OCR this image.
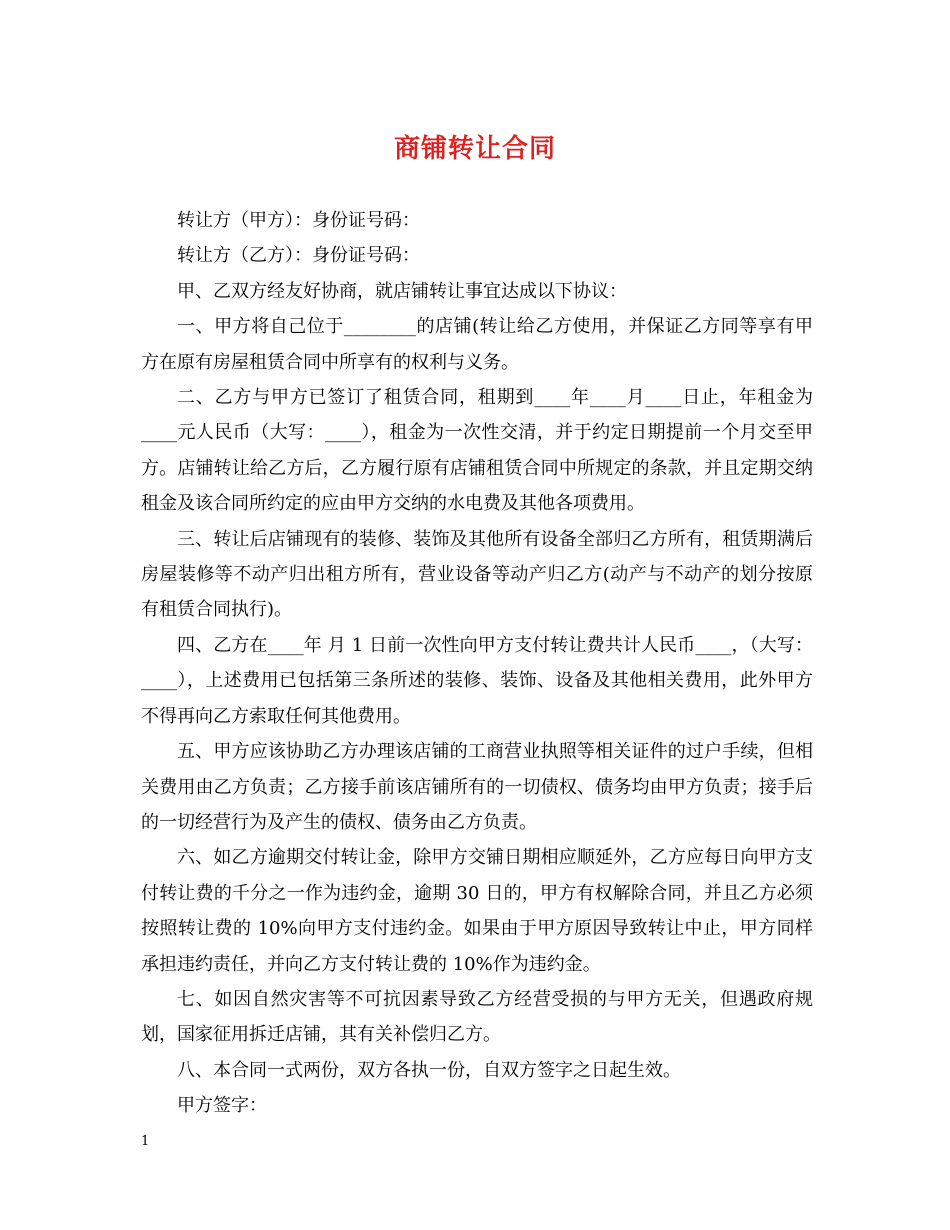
商铺转让合同

转让方（甲方）：身份证号码：

转让方（乙方）：身份证号码：

甲、乙双方经友好协商，就店铺转让事宜达成以下协议：

一、甲方将自己位于________的店铺(转让给乙方使用，并保证乙方同等享有甲方在原有房屋租赁合同中所享有的权利与义务。

二、乙方与甲方已签订了租赁合同，租期到____年____月____日止，年租金为____元人民币（大写：____），租金为一次性交清，并于约定日期提前一个月交至甲方。店铺转让给乙方后，乙方履行原有店铺租赁合同中所规定的条款，并且定期交纳租金及该合同所约定的应由甲方交纳的水电费及其他各项费用。

三、转让后店铺现有的装修、装饰及其他所有设备全部归乙方所有，租赁期满后房屋装修等不动产归出租方所有，营业设备等动产归乙方(动产与不动产的划分按原有租赁合同执行)。

四、乙方在____年 月 1 日前一次性向甲方支付转让费共计人民币____，（大写：____），上述费用已包括第三条所述的装修、装饰、设备及其他相关费用，此外甲方不得再向乙方索取任何其他费用。

五、甲方应该协助乙方办理该店铺的工商营业执照等相关证件的过户手续，但相关费用由乙方负责；乙方接手前该店铺所有的一切债权、债务均由甲方负责；接手后的一切经营行为及产生的债权、债务由乙方负责。

六、如乙方逾期交付转让金，除甲方交铺日期相应顺延外，乙方应每日向甲方支付转让费的千分之一作为违约金，逾期 30 日的，甲方有权解除合同，并且乙方必须按照转让费的 10%向甲方支付违约金。如果由于甲方原因导致转让中止，甲方同样承担违约责任，并向乙方支付转让费的 10%作为违约金。

七、如因自然灾害等不可抗因素导致乙方经营受损的与甲方无关，但遇政府规划，国家征用拆迁店铺，其有关补偿归乙方。

八、本合同一式两份，双方各执一份，自双方签字之日起生效。

甲方签字：

1
